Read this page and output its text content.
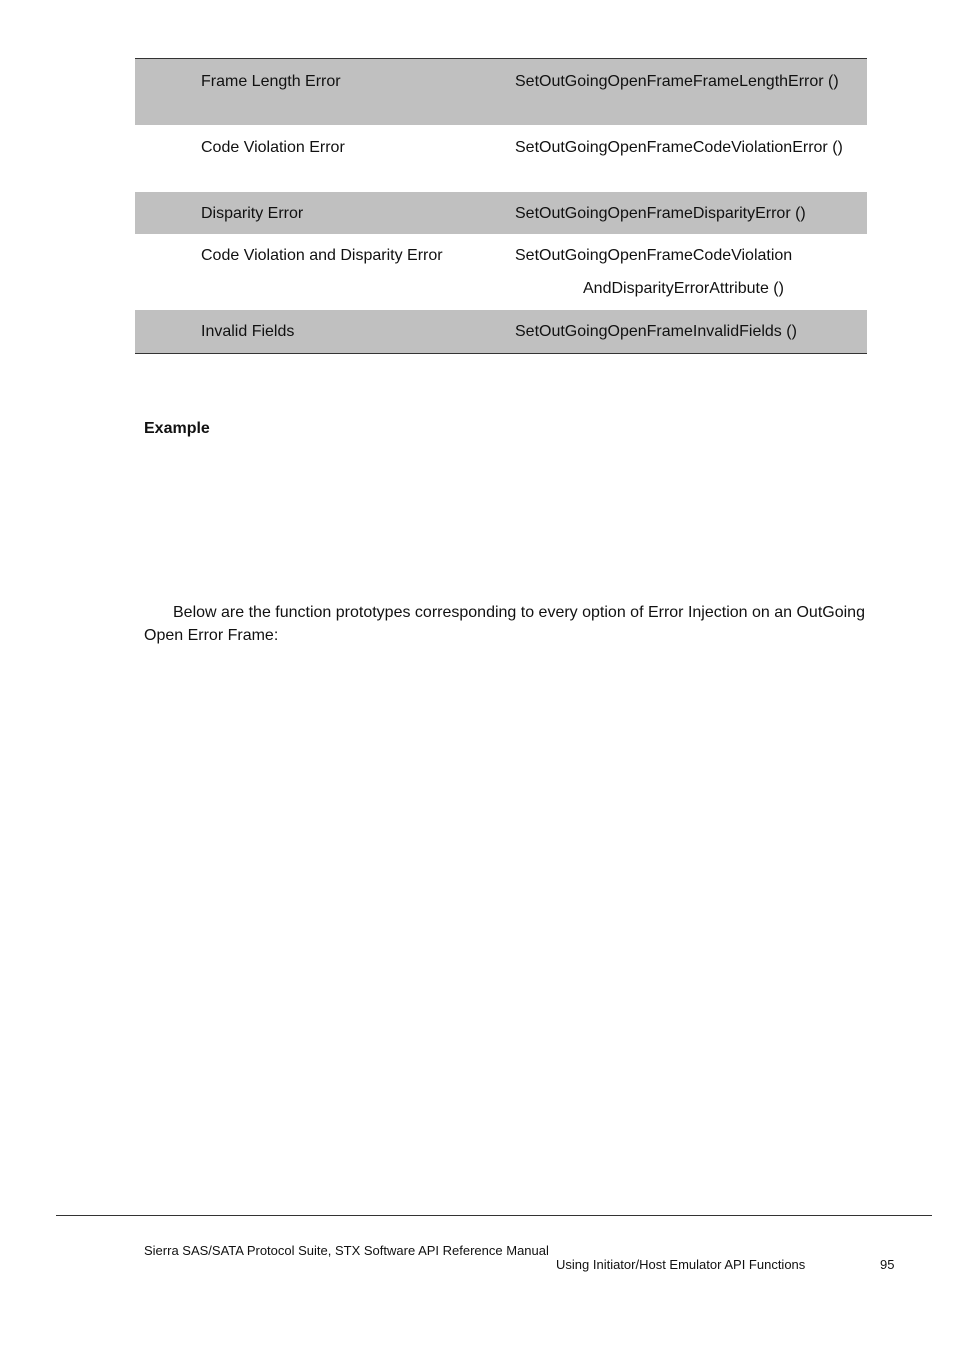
Frame Length Error	SetOutGoingOpenFrameFrameLengthError ()
Code Violation Error	SetOutGoingOpenFrameCodeViolationError ()
Disparity Error	SetOutGoingOpenFrameDisparityError ()
Code Violation and Disparity Error	SetOutGoingOpenFrameCodeViolation
AndDisparityErrorAttribute ()
Invalid Fields	SetOutGoingOpenFrameInvalidFields ()
Example
Below are the function prototypes corresponding to every option of Error Injection on an OutGoing Open Error Frame:
Sierra SAS/SATA Protocol Suite, STX Software API Reference Manual
Using Initiator/Host Emulator API Functions	95
